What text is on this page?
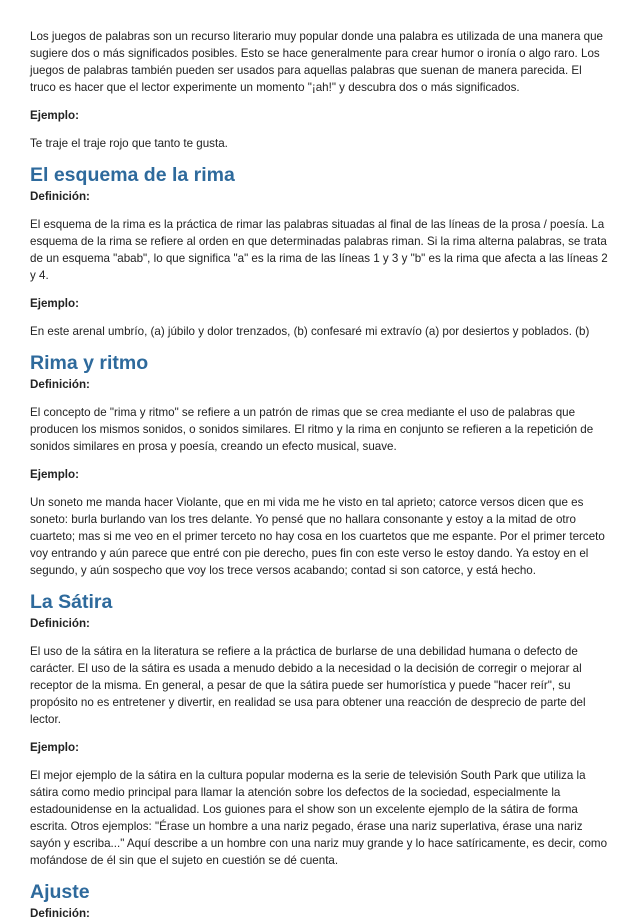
Los juegos de palabras son un recurso literario muy popular donde una palabra es utilizada de una manera que sugiere dos o más significados posibles. Esto se hace generalmente para crear humor o ironía o algo raro. Los juegos de palabras también pueden ser usados para aquellas palabras que suenan de manera parecida. El truco es hacer que el lector experimente un momento "¡ah!" y descubra dos o más significados.

Ejemplo:

Te traje el traje rojo que tanto te gusta.

El esquema de la rima

Definición:

El esquema de la rima es la práctica de rimar las palabras situadas al final de las líneas de la prosa / poesía. La esquema de la rima se refiere al orden en que determinadas palabras riman. Si la rima alterna palabras, se trata de un esquema "abab", lo que significa "a" es la rima de las líneas 1 y 3 y "b" es la rima que afecta a las líneas 2 y 4.

Ejemplo:

En este arenal umbrío, (a) júbilo y dolor trenzados, (b) confesaré mi extravío (a) por desiertos y poblados. (b)

Rima y ritmo

Definición:

El concepto de "rima y ritmo" se refiere a un patrón de rimas que se crea mediante el uso de palabras que producen los mismos sonidos, o sonidos similares. El ritmo y la rima en conjunto se refieren a la repetición de sonidos similares en prosa y poesía, creando un efecto musical, suave.

Ejemplo:

Un soneto me manda hacer Violante, que en mi vida me he visto en tal aprieto; catorce versos dicen que es soneto: burla burlando van los tres delante. Yo pensé que no hallara consonante y estoy a la mitad de otro cuarteto; mas si me veo en el primer terceto no hay cosa en los cuartetos que me espante. Por el primer terceto voy entrando y aún parece que entré con pie derecho, pues fin con este verso le estoy dando. Ya estoy en el segundo, y aún sospecho que voy los trece versos acabando; contad si son catorce, y está hecho.

La Sátira

Definición:

El uso de la sátira en la literatura se refiere a la práctica de burlarse de una debilidad humana o defecto de carácter. El uso de la sátira es usada a menudo debido a la necesidad o la decisión de corregir o mejorar al receptor de la misma. En general, a pesar de que la sátira puede ser humorística y puede "hacer reír", su propósito no es entretener y divertir, en realidad se usa para obtener una reacción de desprecio de parte del lector.

Ejemplo:

El mejor ejemplo de la sátira en la cultura popular moderna es la serie de televisión South Park que utiliza la sátira como medio principal para llamar la atención sobre los defectos de la sociedad, especialmente la estadounidense en la actualidad. Los guiones para el show son un excelente ejemplo de la sátira de forma escrita. Otros ejemplos: "Érase un hombre a una nariz pegado, érase una nariz superlativa, érase una nariz sayón y escriba..." Aquí describe a un hombre con una nariz muy grande y lo hace satíricamente, es decir, como mofándose de él sin que el sujeto en cuestión se dé cuenta.

Ajuste

Definición:
